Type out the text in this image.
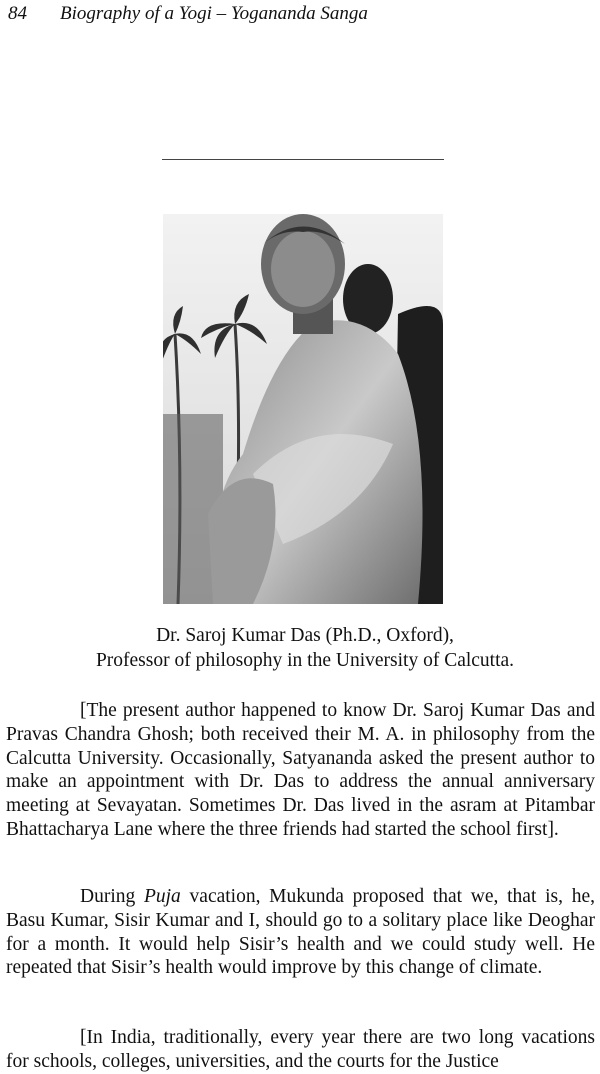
84 Biography of a Yogi – Yogananda Sanga
Dr. Saroj Kumar Das (Ph.D., Oxford),
Professor of philosophy in the University of Calcutta.

[The present author happened to know Dr. Saroj Kumar Das and Pravas Chandra Ghosh; both received their M. A. in philosophy from the Calcutta University. Occasionally, Satyananda asked the present author to make an appointment with Dr. Das to address the annual anniversary meeting at Sevayatan. Sometimes Dr. Das lived in the asram at Pitambar Bhattacharya Lane where the three friends had started the school first].

During Puja vacation, Mukunda proposed that we, that is, he, Basu Kumar, Sisir Kumar and I, should go to a solitary place like Deoghar for a month. It would help Sisir’s health and we could study well. He repeated that Sisir’s health would improve by this change of climate.

[In India, traditionally, every year there are two long vacations for schools, colleges, universities, and the courts for the Justice
